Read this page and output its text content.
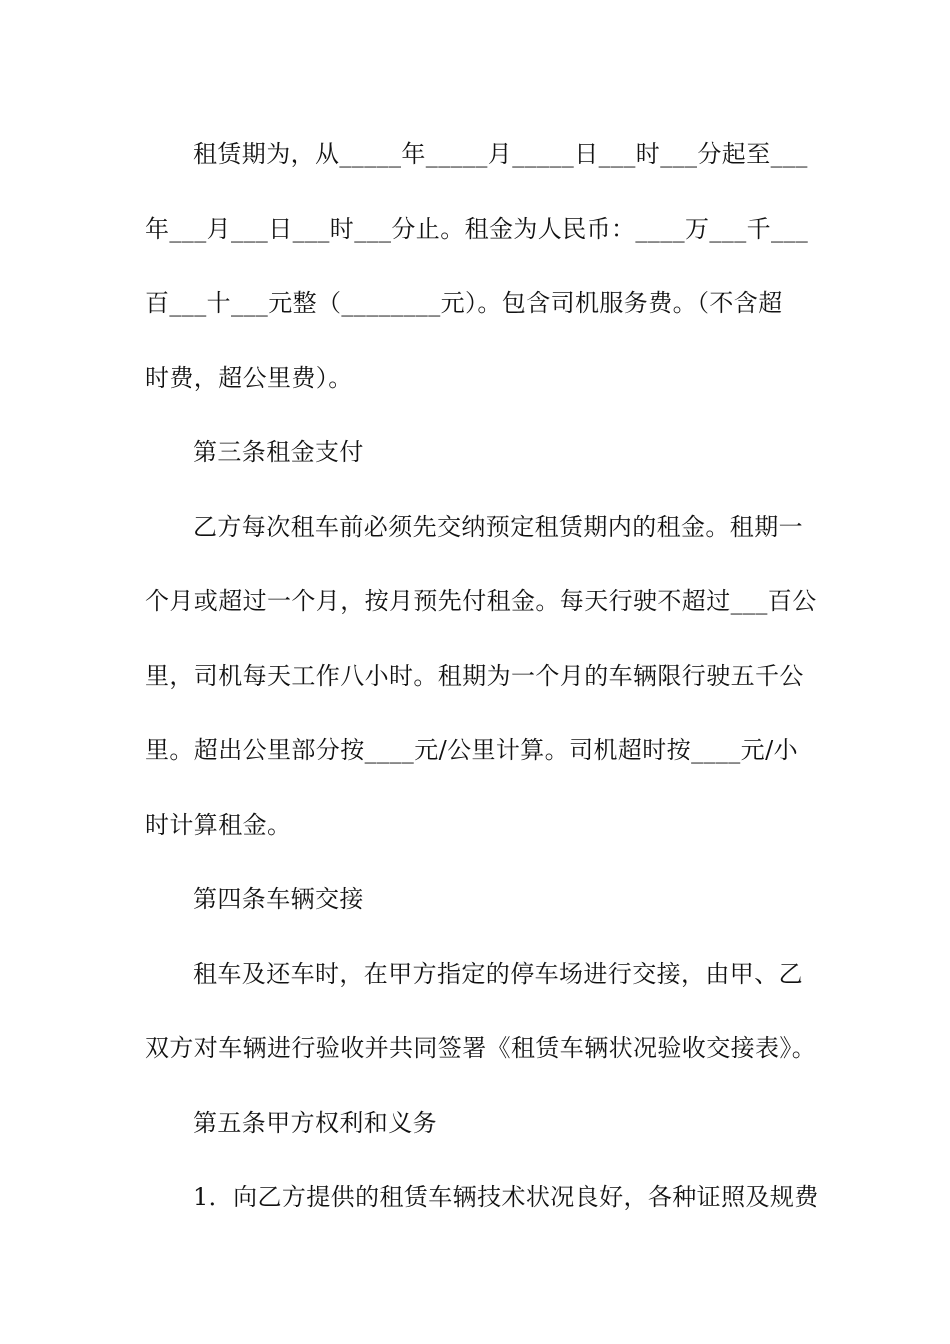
租赁期为，从_____年_____月_____日___时___分起至___
年___月___日___时___分止。租金为人民币：____万___千___
百___十___元整（________元）。包含司机服务费。（不含超
时费，超公里费）。
第三条租金支付
乙方每次租车前必须先交纳预定租赁期内的租金。租期一
个月或超过一个月，按月预先付租金。每天行驶不超过___百公
里，司机每天工作八小时。租期为一个月的车辆限行驶五千公
里。超出公里部分按____元/公里计算。司机超时按____元/小
时计算租金。
第四条车辆交接
租车及还车时，在甲方指定的停车场进行交接，由甲、乙
双方对车辆进行验收并共同签署《租赁车辆状况验收交接表》。
第五条甲方权利和义务
1．向乙方提供的租赁车辆技术状况良好，各种证照及规费
